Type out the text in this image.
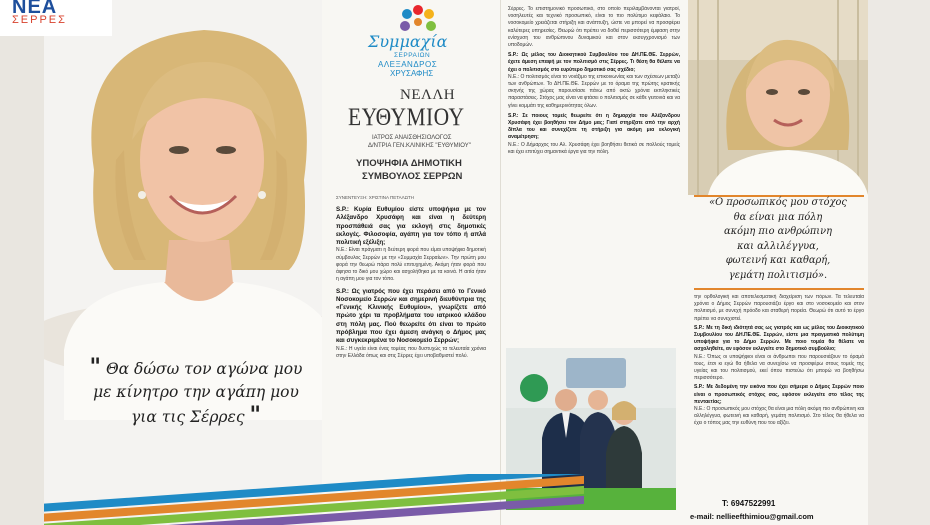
ΝΕΑ
ΣΕΡΡΕΣ
" Θα δώσω τον αγώνα μου
με κίνητρο την αγάπη μου
για τις Σέρρες "
Συμμαχία
ΣΕΡΡΑΙΩΝ
ΑΛΕΞΑΝΔΡΟΣ
ΧΡΥΣΑΦΗΣ
ΝΕΛΛΗ
ΕΥΘΥΜΙΟΥ
ΙΑΤΡΟΣ ΑΝΑΙΣΘΗΣΙΟΛΟΓΟΣ
Δ/ΝΤΡΙΑ ΓΕΝ.ΚΛΙΝΙΚΗΣ "ΕΥΘΥΜΙΟΥ"
ΥΠΟΨΗΦΙΑ ΔΗΜΟΤΙΚΗ
ΣΥΜΒΟΥΛΟΣ ΣΕΡΡΩΝ
ΣΥΝΕΝΤΕΥΞΗ: ΧΡΙΣΤΙΝΑ ΠΕΤΑΛΩΤΗ

S.P.: Κυρία Ευθυμίου είστε υποψήφια με τον Αλέξανδρο Χρυσάφη και είναι η δεύτερη προσπάθειά σας για εκλογή στις δημοτικές εκλογές. Φιλοσοφία, αγάπη για τον τόπο ή απλά πολιτική εξέλιξη;

Ν.Ε.: Είναι πράγματι η δεύτερη φορά που είμαι υποψήφια δημοτική σύμβουλος Σερρών με την «Συμμαχία Σερραίων». Την πρώτη μου φορά την θεωρώ πάρα πολύ επιτυχημένη. Ακόμη ήταν φορά που άφησα το δικό μου χώρο και ασχολήθηκα με τα κοινά. Η αιτία ήταν η αγάπη μου για τον τόπο.

S.P.: Ως γιατρός που έχει περάσει από το Γενικό Νοσοκομείο Σερρών και σημερινή διευθύντρια της «Γενικής Κλινικής Ευθυμίου», γνωρίζετε από πρώτο χέρι τα προβλήματα του ιατρικού κλάδου στη πόλη μας. Πού θεωρείτε ότι είναι το πρώτο πρόβλημα που έχει άμεση ανάγκη ο Δήμος μας και συγκεκριμένα το Νοσοκομείο Σερρών;

Ν.Ε.: Η υγεία είναι ένας τομέας που δυστυχώς τα τελευταία χρόνια στην Ελλάδα όπως και στις Σέρρες έχει υποβαθμιστεί πολύ.

Σέρρες. Το επιστημονικό προσωπικό, στο οποίο περιλαμβάνονται γιατροί, νοσηλευτές και τεχνικό προσωπικό, είναι το πιο πολύτιμο κεφάλαιο. Το νοσοκομείο χρειάζεται στήριξη και ανάπτυξη, ώστε να μπορεί να προσφέρει καλύτερες υπηρεσίες. Θεωρώ ότι πρέπει να δοθεί περισσότερη έμφαση στην ενίσχυση του ανθρώπινου δυναμικού και στον εκσυγχρονισμό των υποδομών.

S.P.: Ως μέλος του Διοικητικού Συμβουλίου του ΔΗ.ΠΕ.ΘΕ. Σερρών, έχετε άμεση επαφή με τον πολιτισμό στις Σέρρες. Τι θέση θα θέλατε να έχει ο πολιτισμός στο ευρύτερο δημοτικό σας σχέδιο;

Ν.Ε.: Ο πολιτισμός είναι το νοιάξιμο της επικοινωνίας και των σχέσεων μεταξύ των ανθρώπων. Το ΔΗ.ΠΕ.ΘΕ. Σερρών με το όραμα της πρώτης κρατικής σκηνής της χώρας παρουσίασε πάνω από οκτώ χρόνια εκπληκτικές παραστάσεις. Στόχος μας είναι να φτάσει ο πολιτισμός σε κάθε γειτονιά και να γίνει κομμάτι της καθημερινότητας όλων.

S.P.: Σε ποιους τομείς θεωρείτε ότι η δημαρχία του Αλέξανδρου Χρυσάφη έχει βοηθήσει τον Δήμο μας; Γιατί στηρίξατε από την αρχή δίπλα του και συνεχίζετε τη στήριξη για ακόμη μια εκλογική αναμέτρηση;

Ν.Ε.: Ο Δήμαρχος του Αλ. Χρυσάφη έχει βοηθήσει θετικά σε πολλούς τομείς και έχει επιτύχει σημαντικά έργα για την πόλη.

«Ο προσωπικός μου στόχος
θα είναι μια πόλη
ακόμη πιο ανθρώπινη
και αλλιλέγγυα,
φωτεινή και καθαρή,
γεμάτη πολιτισμό».

την ορθολογική και αποτελεσματική διαχείριση των πόρων. Τα τελευταία χρόνια ο Δήμος Σερρών παρουσιάζει έργο και στο νοσοκομείο και στον πολιτισμό, με συνεχή πρόοδο και σταθερή πορεία. Θεωρώ ότι αυτό το έργο πρέπει να συνεχιστεί.

S.P.: Με τη δική ιδιότητά σας ως γιατρός και ως μέλος του Διοικητικού Συμβουλίου του ΔΗ.ΠΕ.ΘΕ. Σερρών, είστε μια πραγματικά πολύτιμη υποψήφια για το Δήμο Σερρών. Με ποιο τομέα θα θέλατε να ασχοληθείτε, αν εφόσον εκλεγείτε στο δημοτικό συμβούλιο;

Ν.Ε.: Όπως οι υποψήφιοι είναι οι άνθρωποι που παρουσιάζουν το όραμά τους, έτσι κι εγώ θα ήθελα να συνεχίσω να προσφέρω στους τομείς της υγείας και του πολιτισμού, εκεί όπου πιστεύω ότι μπορώ να βοηθήσω περισσότερο.

S.P.: Με δεδομένη την εικόνα που έχει σήμερα ο Δήμος Σερρών ποιο είναι ο προσωπικός στόχος σας, εφόσον εκλεγείτε στο τέλος της πενταετίας;

Ν.Ε.: Ο προσωπικός μου στόχος θα είναι μια πόλη ακόμη πιο ανθρώπινη και αλληλέγγυα, φωτεινή και καθαρή, γεμάτη πολιτισμό. Στο τέλος θα ήθελα να έχει ο τόπος μας την ευθύνη που του αξίζει.

T: 6947522991
e-mail: nellieefthimiou@gmail.com
